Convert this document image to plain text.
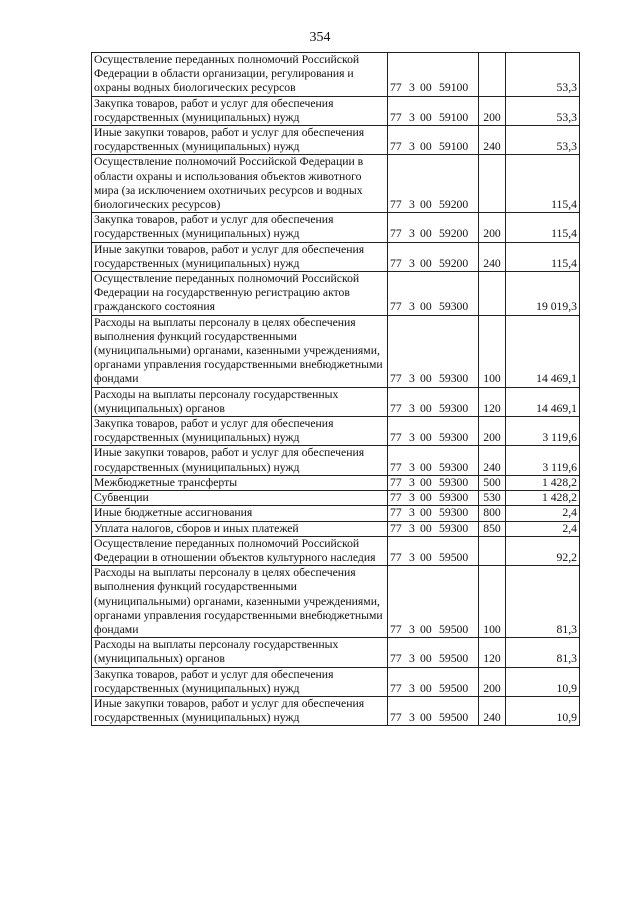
354
Осуществление переданных полномочий Российской Федерации в области организации, регулирования и охраны водных биологических ресурсов	77 3 00 59100		53,3
Закупка товаров, работ и услуг для обеспечения государственных (муниципальных) нужд	77 3 00 59100	200	53,3
Иные закупки товаров, работ и услуг для обеспечения государственных (муниципальных) нужд	77 3 00 59100	240	53,3
Осуществление полномочий Российской Федерации в области охраны и использования объектов животного мира (за исключением охотничьих ресурсов и водных биологических ресурсов)	77 3 00 59200		115,4
Закупка товаров, работ и услуг для обеспечения государственных (муниципальных) нужд	77 3 00 59200	200	115,4
Иные закупки товаров, работ и услуг для обеспечения государственных (муниципальных) нужд	77 3 00 59200	240	115,4
Осуществление переданных полномочий Российской Федерации на государственную регистрацию актов гражданского состояния	77 3 00 59300		19 019,3
Расходы на выплаты персоналу в целях обеспечения выполнения функций государственными (муниципальными) органами, казенными учреждениями, органами управления государственными внебюджетными фондами	77 3 00 59300	100	14 469,1
Расходы на выплаты персоналу государственных (муниципальных) органов	77 3 00 59300	120	14 469,1
Закупка товаров, работ и услуг для обеспечения государственных (муниципальных) нужд	77 3 00 59300	200	3 119,6
Иные закупки товаров, работ и услуг для обеспечения государственных (муниципальных) нужд	77 3 00 59300	240	3 119,6
Межбюджетные трансферты	77 3 00 59300	500	1 428,2
Субвенции	77 3 00 59300	530	1 428,2
Иные бюджетные ассигнования	77 3 00 59300	800	2,4
Уплата налогов, сборов и иных платежей	77 3 00 59300	850	2,4
Осуществление переданных полномочий Российской Федерации в отношении объектов культурного наследия	77 3 00 59500		92,2
Расходы на выплаты персоналу в целях обеспечения выполнения функций государственными (муниципальными) органами, казенными учреждениями, органами управления государственными внебюджетными фондами	77 3 00 59500	100	81,3
Расходы на выплаты персоналу государственных (муниципальных) органов	77 3 00 59500	120	81,3
Закупка товаров, работ и услуг для обеспечения государственных (муниципальных) нужд	77 3 00 59500	200	10,9
Иные закупки товаров, работ и услуг для обеспечения государственных (муниципальных) нужд	77 3 00 59500	240	10,9
